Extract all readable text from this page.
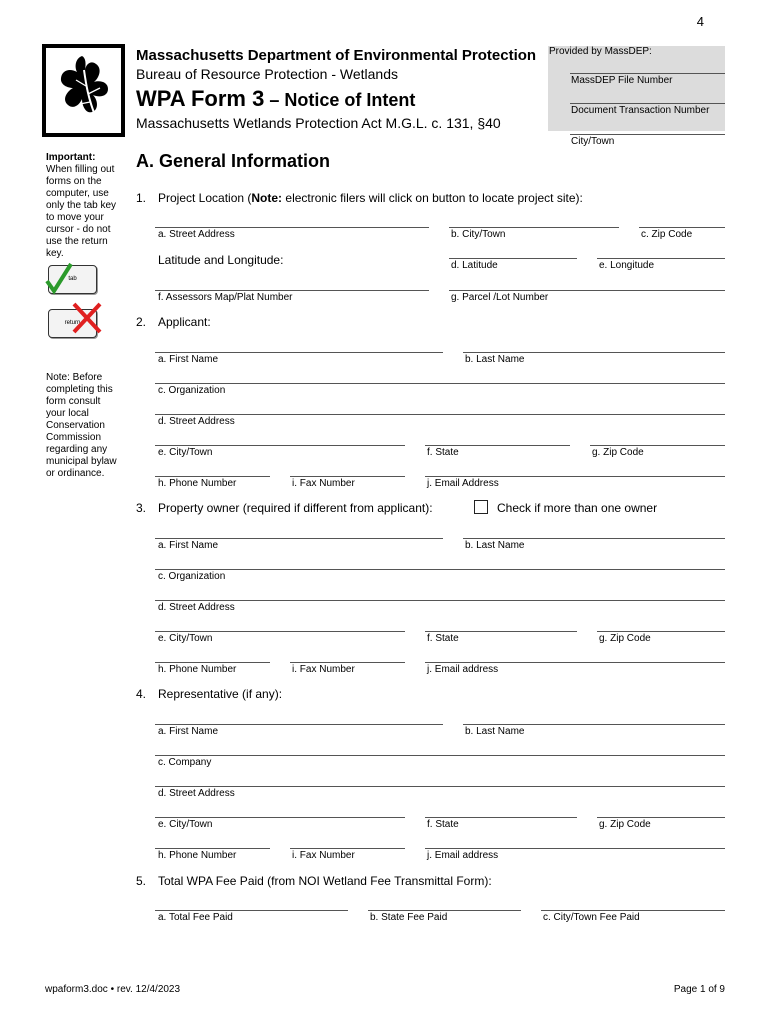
4
Massachusetts Department of Environmental Protection
Bureau of Resource Protection - Wetlands
WPA Form 3 – Notice of Intent
Massachusetts Wetlands Protection Act M.G.L. c. 131, §40
Provided by MassDEP:
MassDEP File Number
Document Transaction Number
City/Town
Important:
When filling out forms on the computer, use only the tab key to move your cursor - do not use the return key.
tab
return
Note: Before completing this form consult your local Conservation Commission regarding any municipal bylaw or ordinance.
A. General Information
1. Project Location (Note: electronic filers will click on button to locate project site):
a. Street Address	b. City/Town	c. Zip Code
Latitude and Longitude:	d. Latitude	e. Longitude
f. Assessors Map/Plat Number	g. Parcel /Lot Number
2. Applicant:
a. First Name	b. Last Name
c. Organization
d. Street Address
e. City/Town	f. State	g. Zip Code
h. Phone Number	i. Fax Number	j. Email Address
3. Property owner (required if different from applicant):	Check if more than one owner
a. First Name	b. Last Name
c. Organization
d. Street Address
e. City/Town	f. State	g. Zip Code
h. Phone Number	i. Fax Number	j. Email address
4. Representative (if any):
a. First Name	b. Last Name
c. Company
d. Street Address
e. City/Town	f. State	g. Zip Code
h. Phone Number	i. Fax Number	j. Email address
5. Total WPA Fee Paid (from NOI Wetland Fee Transmittal Form):
a. Total Fee Paid	b. State Fee Paid	c. City/Town Fee Paid
wpaform3.doc • rev. 12/4/2023	Page 1 of 9
